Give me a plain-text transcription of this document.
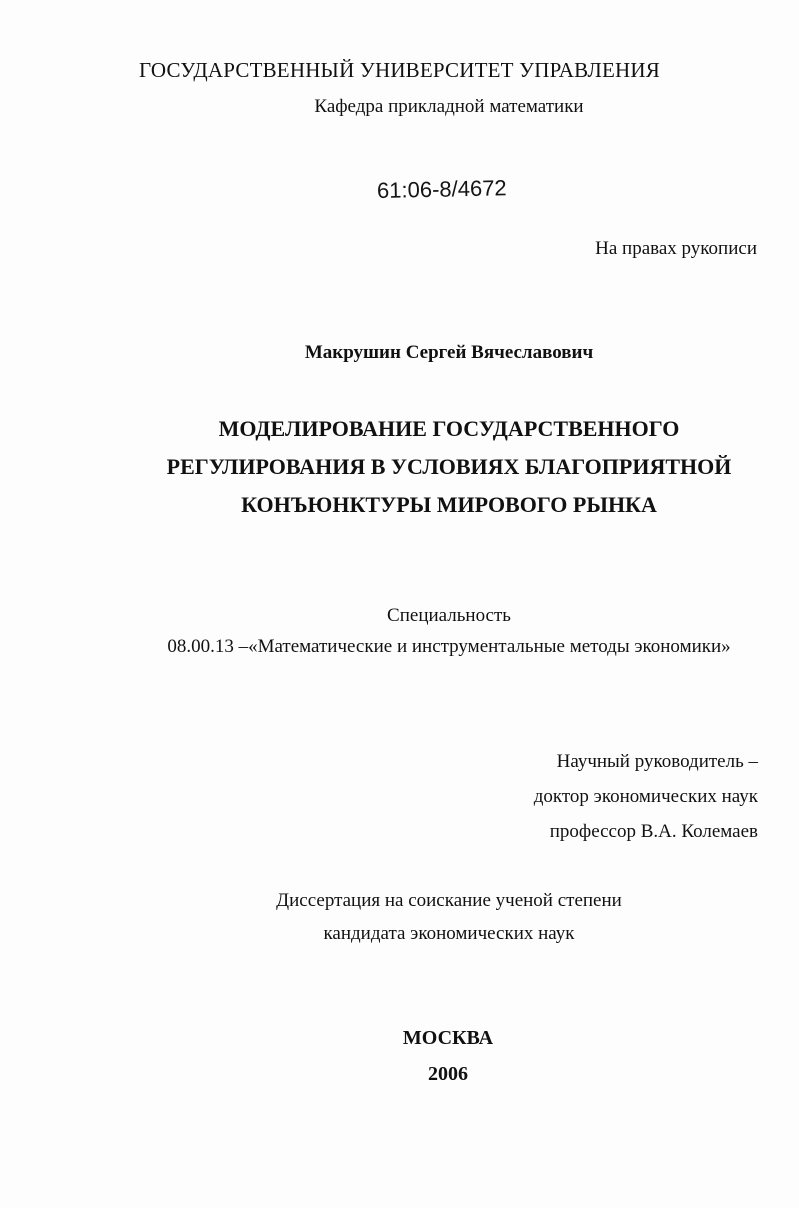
ГОСУДАРСТВЕННЫЙ УНИВЕРСИТЕТ УПРАВЛЕНИЯ
Кафедра прикладной математики
61:06-8/4672
На правах рукописи
Макрушин Сергей Вячеславович
МОДЕЛИРОВАНИЕ ГОСУДАРСТВЕННОГО
РЕГУЛИРОВАНИЯ В УСЛОВИЯХ БЛАГОПРИЯТНОЙ
КОНЪЮНКТУРЫ МИРОВОГО РЫНКА
Специальность
08.00.13 –«Математические и инструментальные методы экономики»
Научный руководитель –
доктор экономических наук
профессор В.А. Колемаев
Диссертация на соискание ученой степени
кандидата экономических наук
МОСКВА
2006
